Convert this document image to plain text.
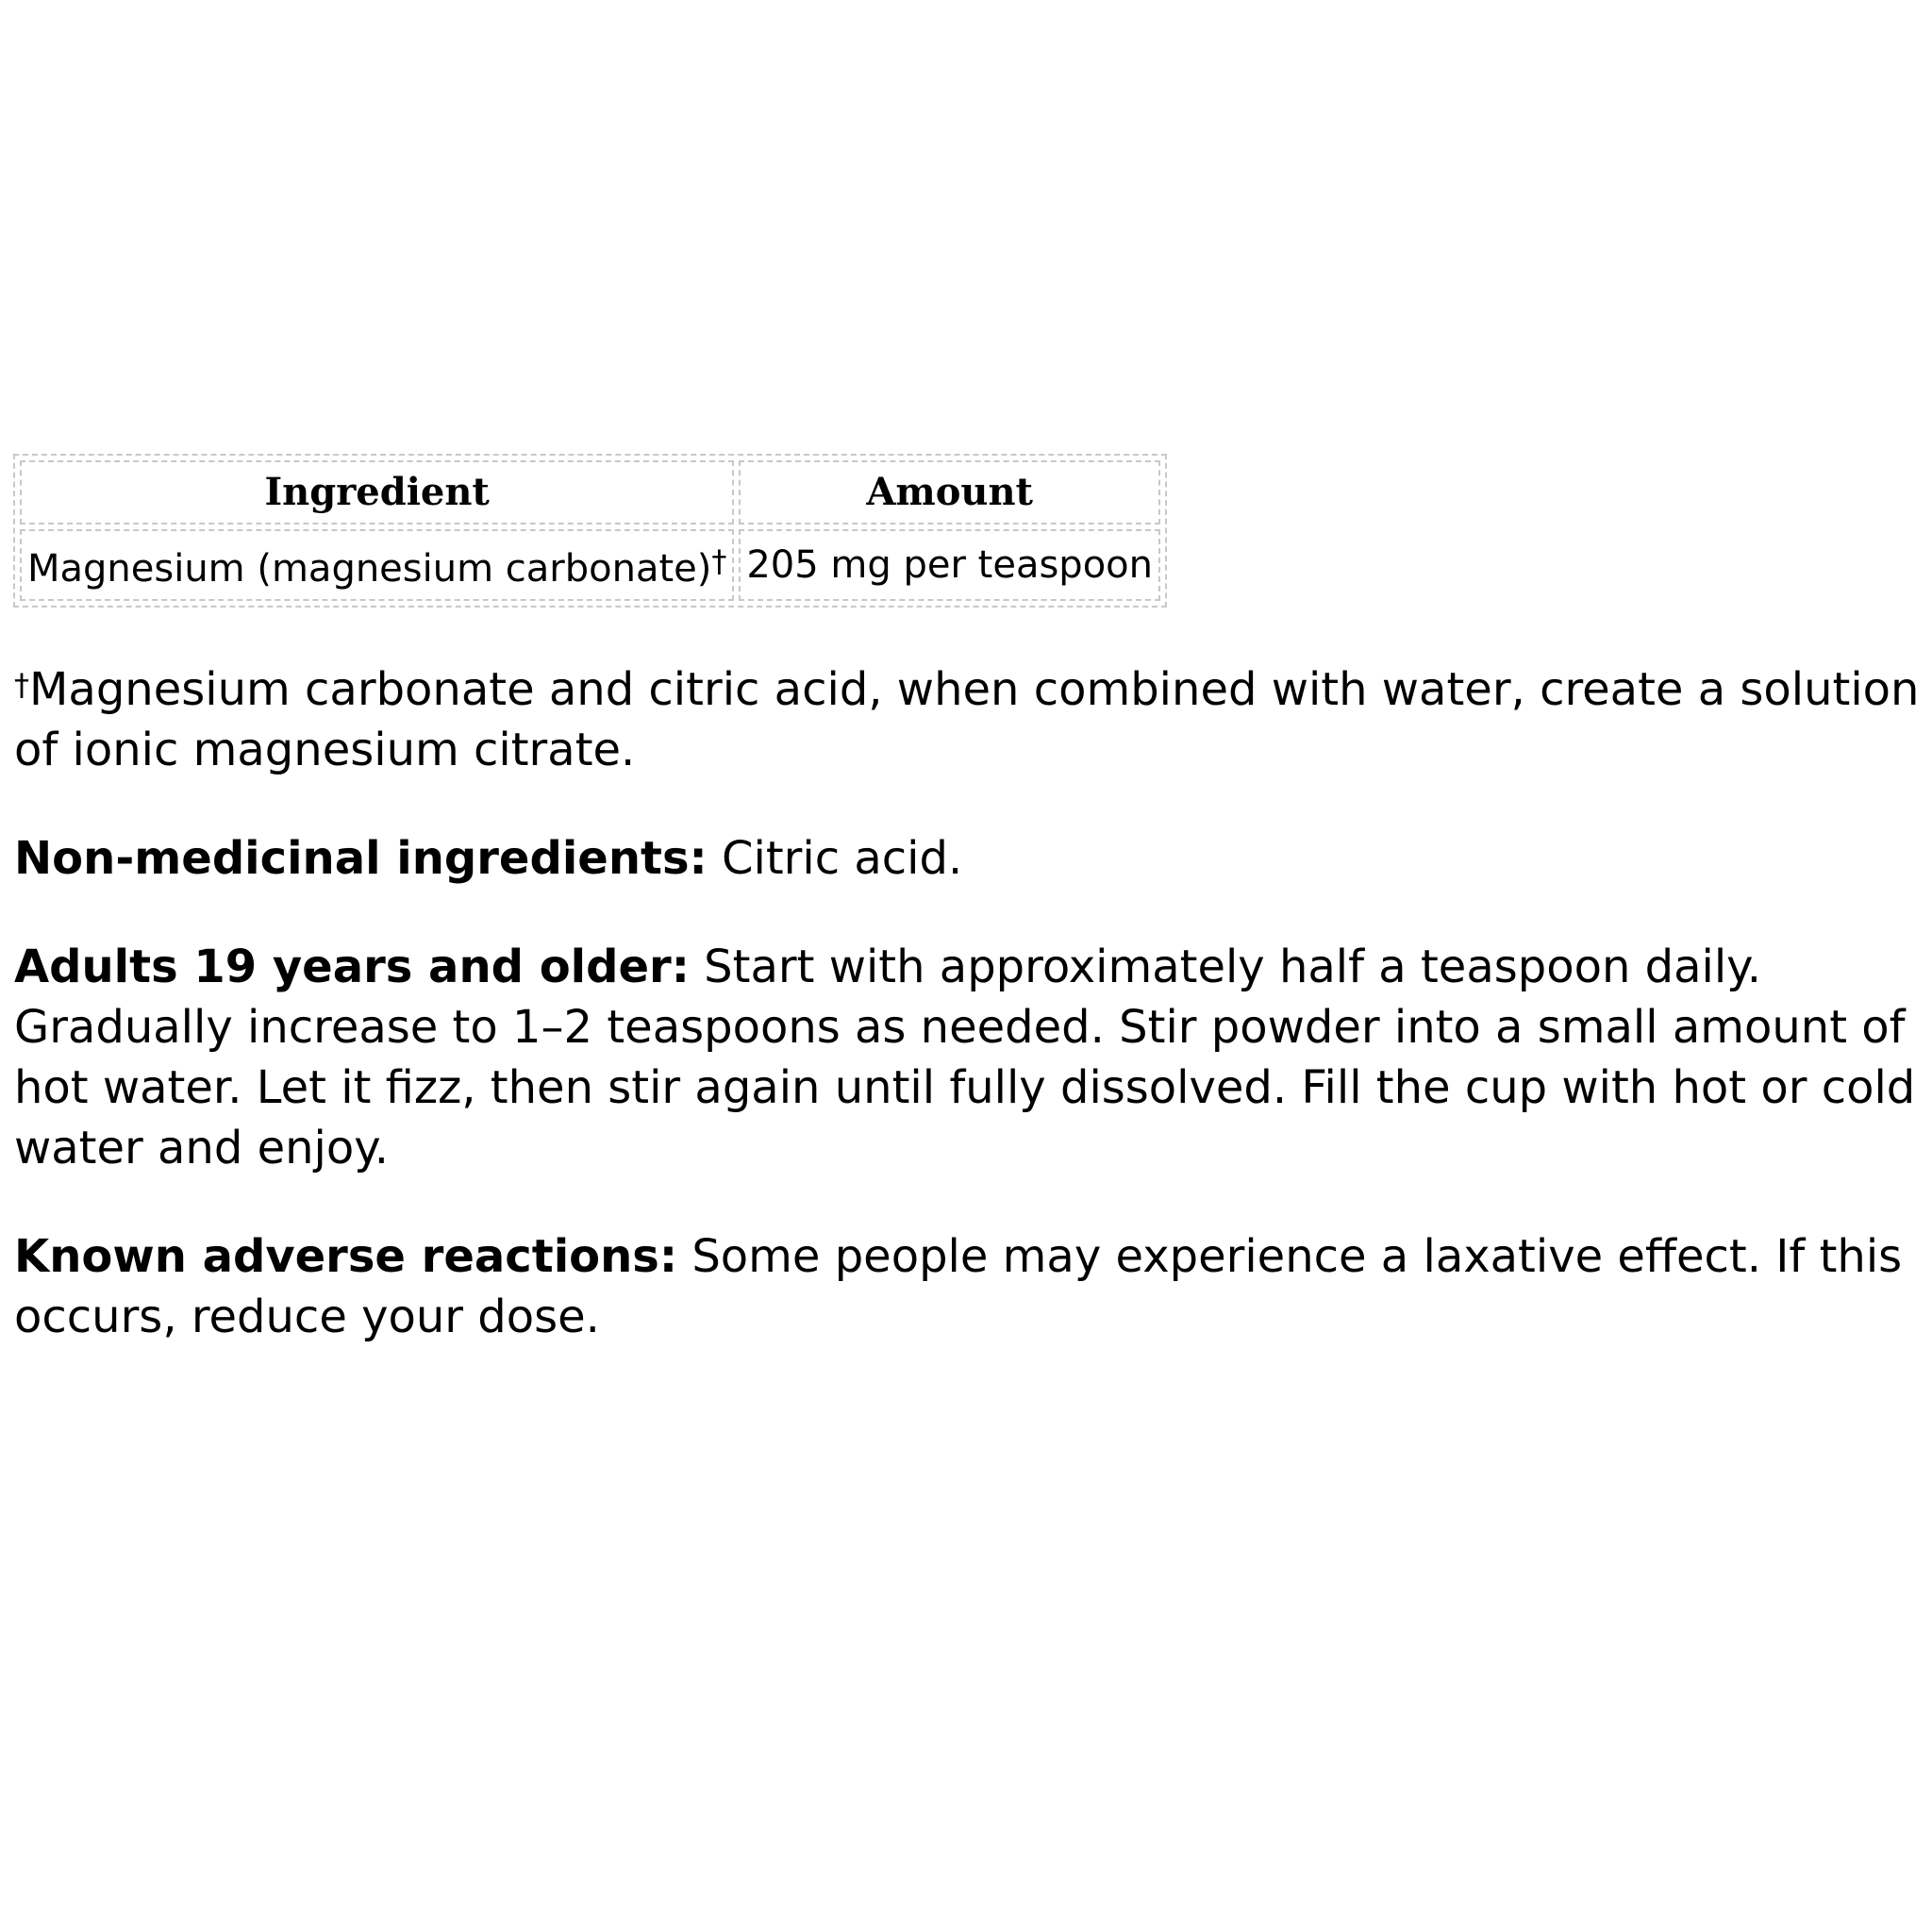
Ingredient	Amount
Magnesium (magnesium carbonate)†	205 mg per teaspoon

†Magnesium carbonate and citric acid, when combined with water, create a solution of ionic magnesium citrate.

Non-medicinal ingredients: Citric acid.

Adults 19 years and older: Start with approximately half a teaspoon daily. Gradually increase to 1–2 teaspoons as needed. Stir powder into a small amount of hot water. Let it fizz, then stir again until fully dissolved. Fill the cup with hot or cold water and enjoy.

Known adverse reactions: Some people may experience a laxative effect. If this occurs, reduce your dose.
